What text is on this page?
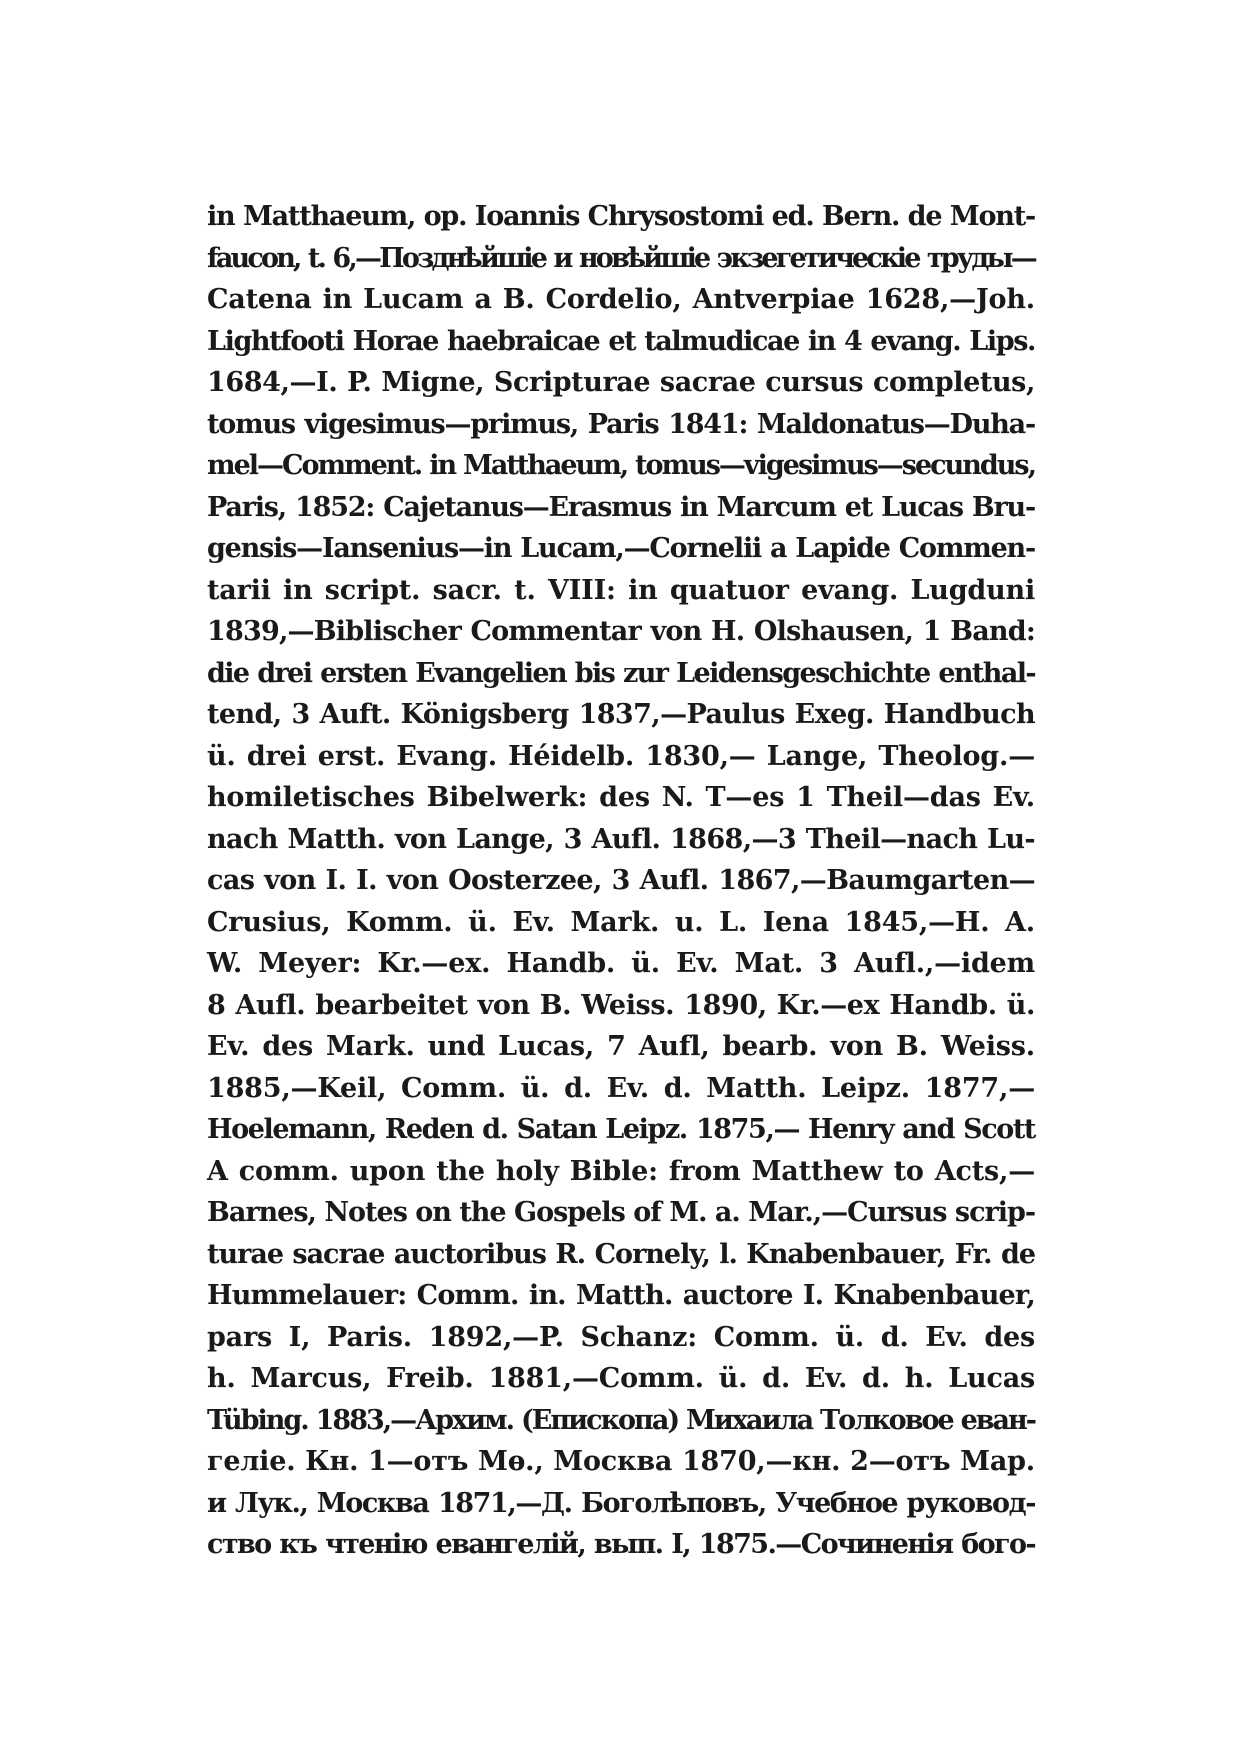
in Matthaeum, op. Ioannis Chrysostomi ed. Bern. de Mont-
faucon, t. 6,—Позднѣйшіе и новѣйшіе экзегетическіе труды—
Catena in Lucam a B. Cordelio, Antverpiae 1628,—Joh.
Lightfooti Horae haebraicae et talmudicae in 4 evang. Lips.
1684,—I. P. Migne, Scripturae sacrae cursus completus,
tomus vigesimus—primus, Paris 1841: Maldonatus—Duha-
mel—Comment. in Matthaeum, tomus—vigesimus—secundus,
Paris, 1852: Cajetanus—Erasmus in Marcum et Lucas Bru-
gensis—Iansenius—in Lucam,—Cornelii a Lapide Commen-
tarii in script. sacr. t. VIII: in quatuor evang. Lugduni
1839,—Biblischer Commentar von H. Olshausen, 1 Band:
die drei ersten Evangelien bis zur Leidensgeschichte enthal-
tend, 3 Auft. Königsberg 1837,—Paulus Exeg. Handbuch
ü. drei erst. Evang. Héidelb. 1830,— Lange, Theolog.—
homiletisches Bibelwerk: des N. T—es 1 Theil—das Ev.
nach Matth. von Lange, 3 Aufl. 1868,—3 Theil—nach Lu-
cas von I. I. von Oosterzee, 3 Aufl. 1867,—Baumgarten—
Crusius, Komm. ü. Ev. Mark. u. L. Iena 1845,—H. A.
W. Meyer: Kr.—ex. Handb. ü. Ev. Mat. 3 Aufl.,—idem
8 Aufl. bearbeitet von B. Weiss. 1890, Kr.—ex Handb. ü.
Ev. des Mark. und Lucas, 7 Aufl, bearb. von B. Weiss.
1885,—Keil, Comm. ü. d. Ev. d. Matth. Leipz. 1877,—
Hoelemann, Reden d. Satan Leipz. 1875,— Henry and Scott
A comm. upon the holy Bible: from Matthew to Acts,—
Barnes, Notes on the Gospels of M. a. Mar.,—Cursus scrip-
turae sacrae auctoribus R. Cornely, l. Knabenbauer, Fr. de
Hummelauer: Comm. in. Matth. auctore I. Knabenbauer,
pars I, Paris. 1892,—P. Schanz: Comm. ü. d. Ev. des
h. Marcus, Freib. 1881,—Comm. ü. d. Ev. d. h. Lucas
Tübing. 1883,—Архим. (Епископа) Михаила Толковое еван-
геліе. Кн. 1—отъ Мѳ., Москва 1870,—кн. 2—отъ Мар.
и Лук., Москва 1871,—Д. Боголѣповъ, Учебное руковод-
ство къ чтенію евангелій, вып. I, 1875.—Сочиненія бого-
